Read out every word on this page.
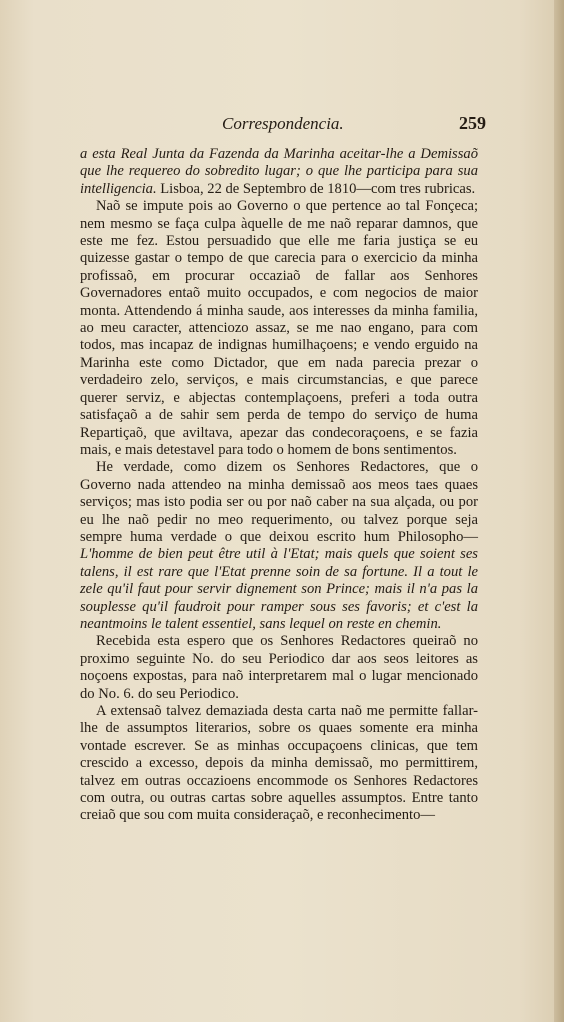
Correspondencia.	259

a esta Real Junta da Fazenda da Marinha aceitar-lhe a Demissaõ que lhe requereo do sobredito lugar; o que lhe participa para sua intelligencia. Lisboa, 22 de Septembro de 1810—com tres rubricas.

Naõ se impute pois ao Governo o que pertence ao tal Fonçeca; nem mesmo se faça culpa àquelle de me naõ reparar damnos, que este me fez. Estou persuadido que elle me faria justiça se eu quizesse gastar o tempo de que carecia para o exercicio da minha profissaõ, em procurar occaziaõ de fallar aos Senhores Governadores entaõ muito occupados, e com negocios de maior monta. Attendendo á minha saude, aos interesses da minha familia, ao meu caracter, attenciozo assaz, se me nao engano, para com todos, mas incapaz de indignas humilhaçoens; e vendo erguido na Marinha este como Dictador, que em nada parecia prezar o verdadeiro zelo, serviços, e mais circumstancias, e que parece querer serviz, e abjectas contemplaçoens, preferi a toda outra satisfaçaõ a de sahir sem perda de tempo do serviço de huma Repartiçaõ, que aviltava, apezar das condecoraçoens, e se fazia mais, e mais detestavel para todo o homem de bons sentimentos.

He verdade, como dizem os Senhores Redactores, que o Governo nada attendeo na minha demissaõ aos meos taes quaes serviços; mas isto podia ser ou por naõ caber na sua alçada, ou por eu lhe naõ pedir no meo requerimento, ou talvez porque seja sempre huma verdade o que deixou escrito hum Philosopho—L'homme de bien peut être util à l'Etat; mais quels que soient ses talens, il est rare que l'Etat prenne soin de sa fortune. Il a tout le zele qu'il faut pour servir dignement son Prince; mais il n'a pas la souplesse qu'il faudroit pour ramper sous ses favoris; et c'est la neantmoins le talent essentiel, sans lequel on reste en chemin.

Recebida esta espero que os Senhores Redactores queiraõ no proximo seguinte No. do seu Periodico dar aos seos leitores as noçoens expostas, para naõ interpretarem mal o lugar mencionado do No. 6. do seu Periodico.

A extensaõ talvez demaziada desta carta naõ me permitte fallar-lhe de assumptos literarios, sobre os quaes somente era minha vontade escrever. Se as minhas occupaçoens clinicas, que tem crescido a excesso, depois da minha demissaõ, mo permittirem, talvez em outras occazioens encommode os Senhores Redactores com outra, ou outras cartas sobre aquelles assumptos. Entre tanto creiaõ que sou com muita consideraçaõ, e reconhecimento—
